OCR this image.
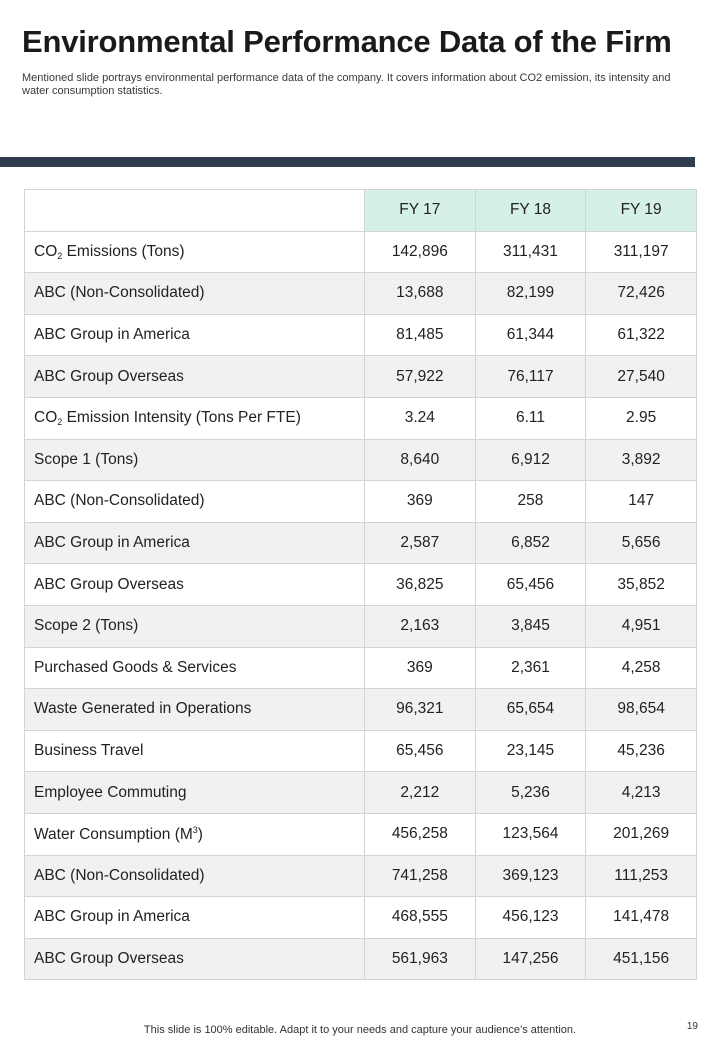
Environmental Performance Data of the Firm
Mentioned slide portrays environmental performance data of the company. It covers information about CO2 emission, its intensity and water consumption statistics.
	FY 17	FY 18	FY 19
$CO_2$ Emissions (Tons)	142,896	311,431	311,197
ABC (Non-Consolidated)	13,688	82,199	72,426
ABC Group in America	81,485	61,344	61,322
ABC Group Overseas	57,922	76,117	27,540
$CO_2$ Emission Intensity (Tons Per FTE)	3.24	6.11	2.95
Scope 1 (Tons)	8,640	6,912	3,892
ABC (Non-Consolidated)	369	258	147
ABC Group in America	2,587	6,852	5,656
ABC Group Overseas	36,825	65,456	35,852
Scope 2 (Tons)	2,163	3,845	4,951
Purchased Goods & Services	369	2,361	4,258
Waste Generated in Operations	96,321	65,654	98,654
Business Travel	65,456	23,145	45,236
Employee Commuting	2,212	5,236	4,213
Water Consumption $(M^3)$	456,258	123,564	201,269
ABC (Non-Consolidated)	741,258	369,123	111,253
ABC Group in America	468,555	456,123	141,478
ABC Group Overseas	561,963	147,256	451,156
This slide is 100% editable. Adapt it to your needs and capture your audience’s attention.	19
